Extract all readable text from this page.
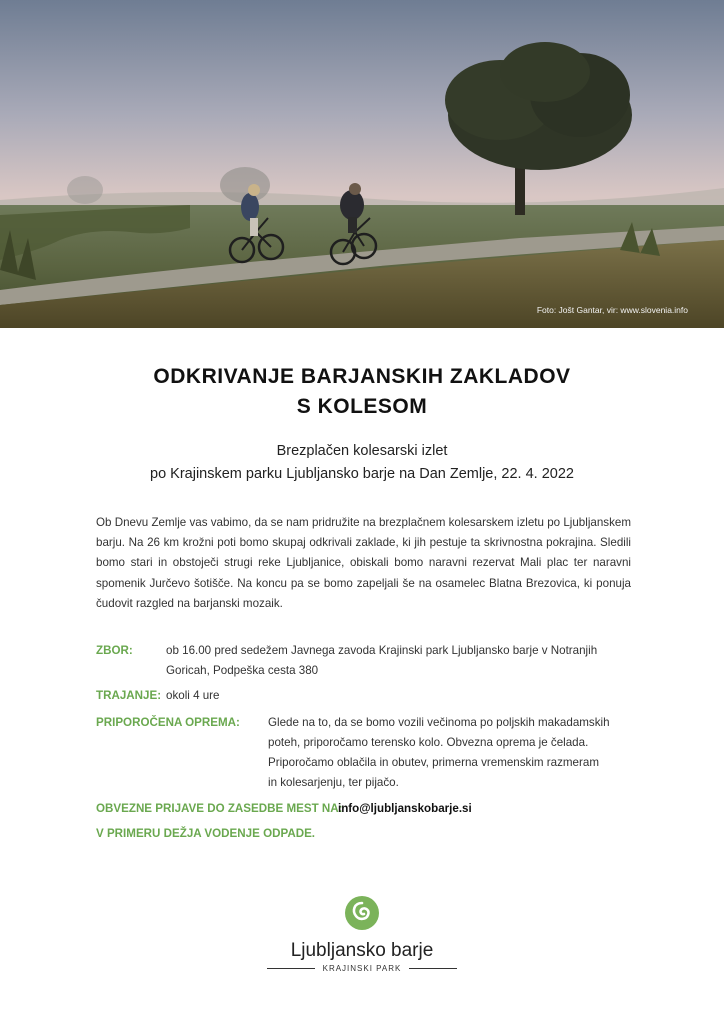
Foto: Jošt Gantar, vir: www.slovenia.info
ODKRIVANJE BARJANSKIH ZAKLADOV
S KOLESOM
Brezplačen kolesarski izlet
po Krajinskem parku Ljubljansko barje na Dan Zemlje, 22. 4. 2022
Ob Dnevu Zemlje vas vabimo, da se nam pridružite na brezplačnem kolesarskem izletu po Ljubljanskem barju. Na 26 km krožni poti bomo skupaj odkrivali zaklade, ki jih pestuje ta skrivnostna pokrajina. Sledili bomo stari in obstoječi strugi reke Ljubljanice, obiskali bomo naravni rezervat Mali plac ter naravni spomenik Jurčevo šotišče. Na koncu pa se bomo zapeljali še na osamelec Blatna Brezovica, ki ponuja čudovit razgled na barjanski mozaik.
ZBOR:	ob 16.00 pred sedežem Javnega zavoda Krajinski park Ljubljansko barje v Notranjih
Goricah, Podpeška cesta 380
TRAJANJE: okoli 4 ure
PRIPOROČENA OPREMA: Glede na to, da se bomo vozili večinoma po poljskih makadamskih
poteh, priporočamo terensko kolo. Obvezna oprema je čelada.
Priporočamo oblačila in obutev, primerna vremenskim razmeram
in kolesarjenju, ter pijačo.
OBVEZNE PRIJAVE DO ZASEDBE MEST NA:
info@ljubljanskobarje.si
V PRIMERU DEŽJA VODENJE ODPADE.
Ljubljansko barje
KRAJINSKI PARK
